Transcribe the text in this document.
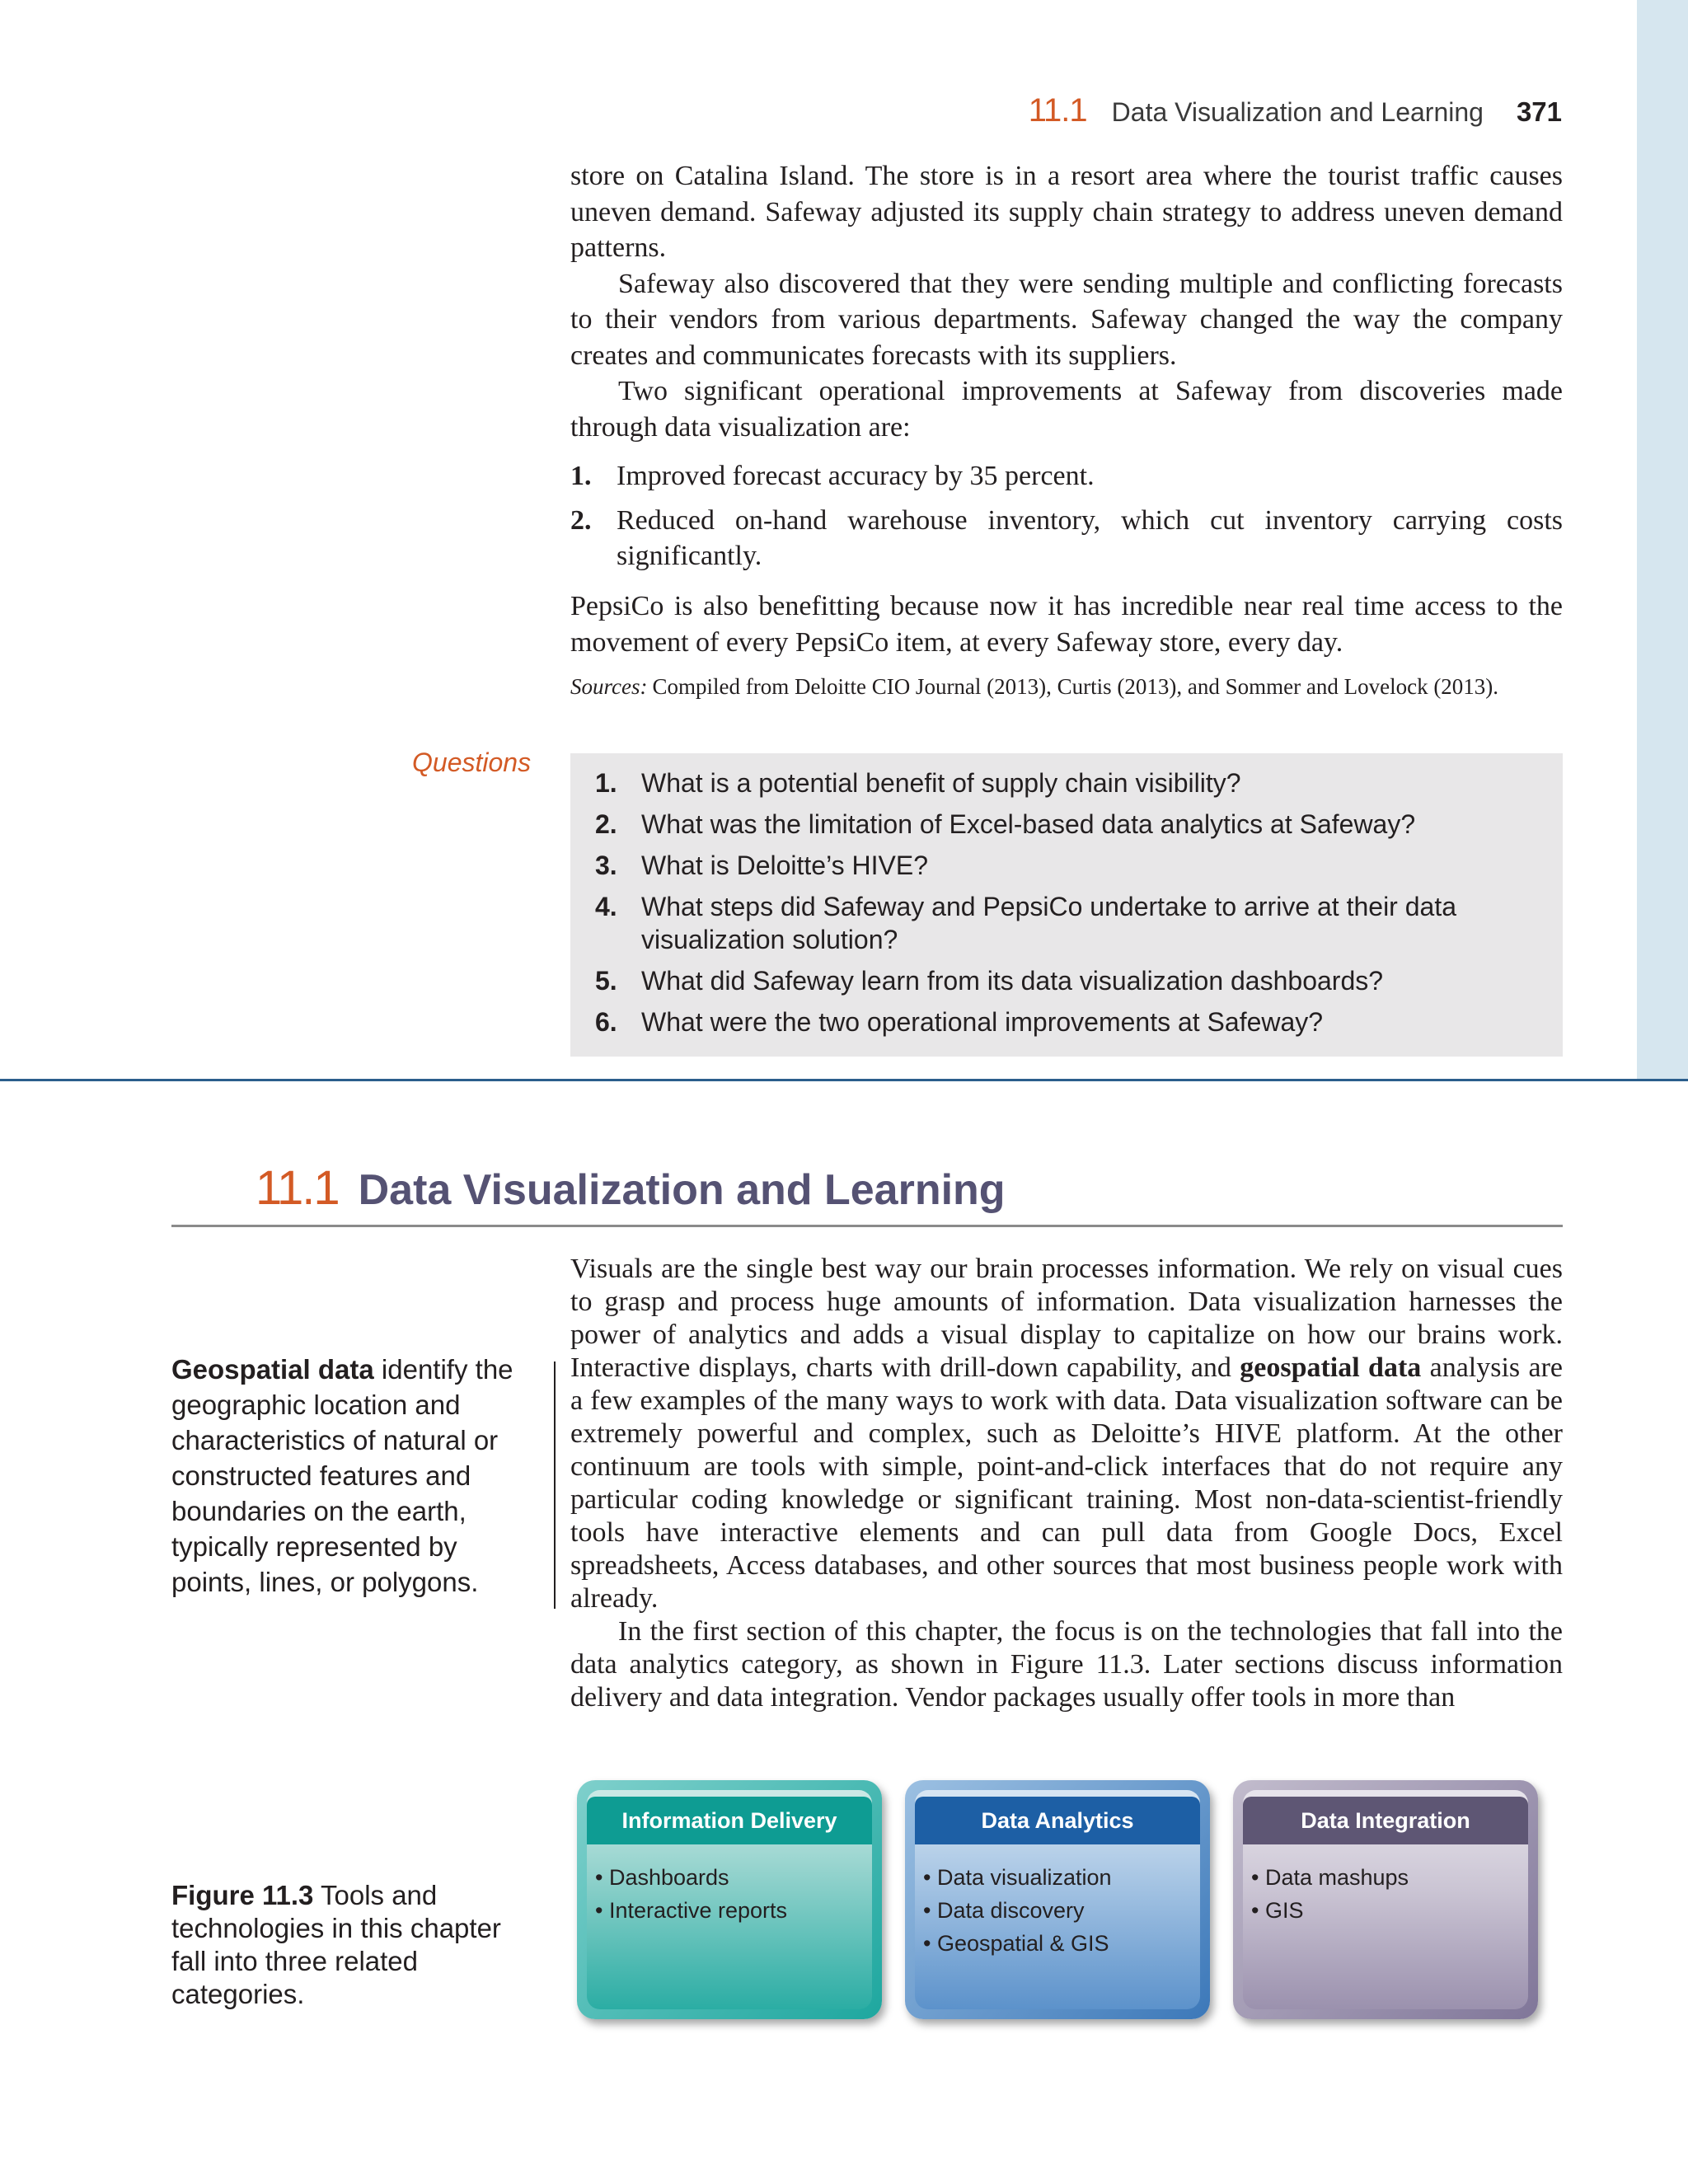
11.1 Data Visualization and Learning 371

store on Catalina Island. The store is in a resort area where the tourist traffic causes uneven demand. Safeway adjusted its supply chain strategy to address uneven demand patterns.

Safeway also discovered that they were sending multiple and conflicting forecasts to their vendors from various departments. Safeway changed the way the company creates and communicates forecasts with its suppliers.

Two significant operational improvements at Safeway from discoveries made through data visualization are:

1. Improved forecast accuracy by 35 percent.
2. Reduced on-hand warehouse inventory, which cut inventory carrying costs significantly.

PepsiCo is also benefitting because now it has incredible near real time access to the movement of every PepsiCo item, at every Safeway store, every day.

Sources: Compiled from Deloitte CIO Journal (2013), Curtis (2013), and Sommer and Lovelock (2013).
Questions
1. What is a potential benefit of supply chain visibility?
2. What was the limitation of Excel-based data analytics at Safeway?
3. What is Deloitte’s HIVE?
4. What steps did Safeway and PepsiCo undertake to arrive at their data visualization solution?
5. What did Safeway learn from its data visualization dashboards?
6. What were the two operational improvements at Safeway?
11.1 Data Visualization and Learning
Geospatial data identify the geographic location and characteristics of natural or constructed features and boundaries on the earth, typically represented by points, lines, or polygons.

Visuals are the single best way our brain processes information. We rely on visual cues to grasp and process huge amounts of information. Data visualization harnesses the power of analytics and adds a visual display to capitalize on how our brains work. Interactive displays, charts with drill-down capability, and geospatial data analysis are a few examples of the many ways to work with data. Data visualization software can be extremely powerful and complex, such as Deloitte’s HIVE platform. At the other continuum are tools with simple, point-and-click interfaces that do not require any particular coding knowledge or significant training. Most non-data-scientist-friendly tools have interactive elements and can pull data from Google Docs, Excel spreadsheets, Access databases, and other sources that most business people work with already.

In the first section of this chapter, the focus is on the technologies that fall into the data analytics category, as shown in Figure 11.3. Later sections discuss information delivery and data integration. Vendor packages usually offer tools in more than

Figure 11.3 Tools and technologies in this chapter fall into three related categories.
Information Delivery
• Dashboards
• Interactive reports
Data Analytics
• Data visualization
• Data discovery
• Geospatial & GIS
Data Integration
• Data mashups
• GIS
